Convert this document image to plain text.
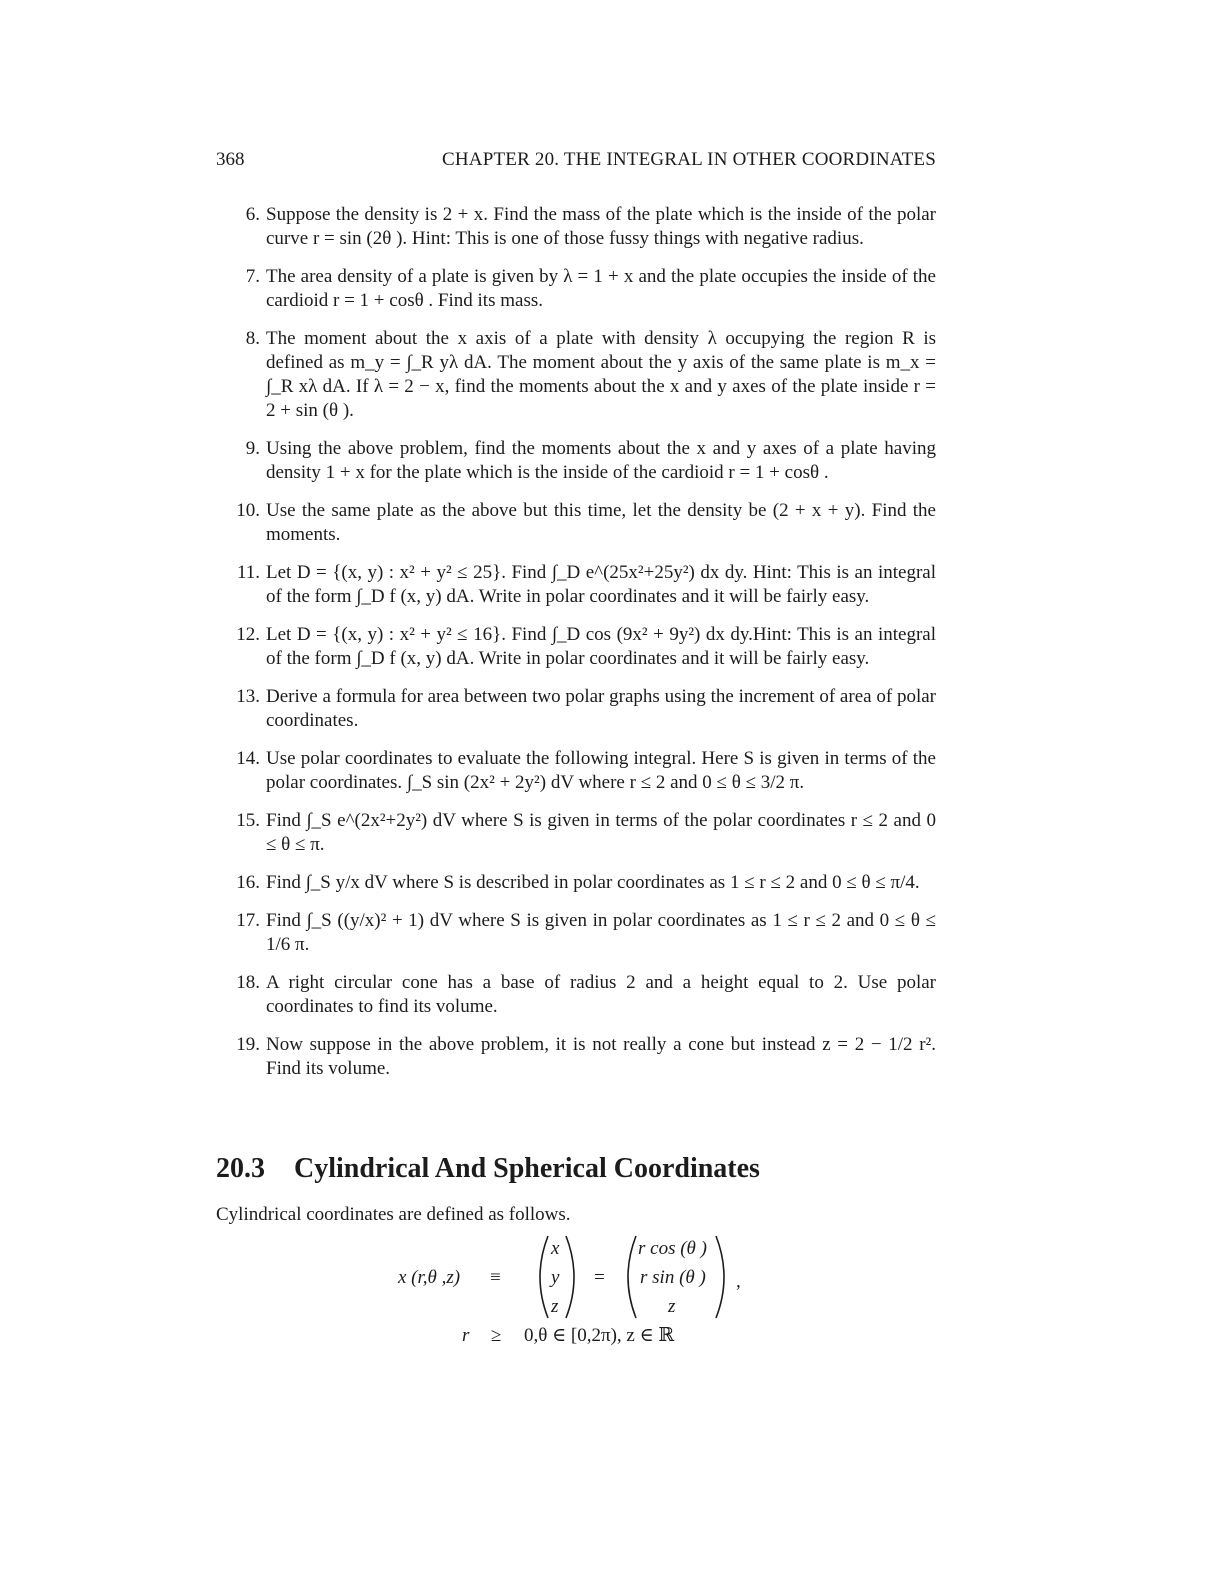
368	CHAPTER 20. THE INTEGRAL IN OTHER COORDINATES
6. Suppose the density is 2 + x. Find the mass of the plate which is the inside of the polar curve r = sin (2θ ). Hint: This is one of those fussy things with negative radius.
7. The area density of a plate is given by λ = 1 + x and the plate occupies the inside of the cardioid r = 1 + cosθ . Find its mass.
8. The moment about the x axis of a plate with density λ occupying the region R is defined as m_y = ∫_R yλ dA. The moment about the y axis of the same plate is m_x = ∫_R xλ dA. If λ = 2 − x, find the moments about the x and y axes of the plate inside r = 2 + sin (θ ).
9. Using the above problem, find the moments about the x and y axes of a plate having density 1 + x for the plate which is the inside of the cardioid r = 1 + cosθ .
10. Use the same plate as the above but this time, let the density be (2 + x + y). Find the moments.
11. Let D = {(x, y) : x² + y² ≤ 25}. Find ∫_D e^(25x²+25y²) dx dy. Hint: This is an integral of the form ∫_D f (x, y) dA. Write in polar coordinates and it will be fairly easy.
12. Let D = {(x, y) : x² + y² ≤ 16}. Find ∫_D cos (9x² + 9y²) dx dy.Hint: This is an integral of the form ∫_D f (x, y) dA. Write in polar coordinates and it will be fairly easy.
13. Derive a formula for area between two polar graphs using the increment of area of polar coordinates.
14. Use polar coordinates to evaluate the following integral. Here S is given in terms of the polar coordinates. ∫_S sin (2x² + 2y²) dV where r ≤ 2 and 0 ≤ θ ≤ 3/2 π.
15. Find ∫_S e^(2x²+2y²) dV where S is given in terms of the polar coordinates r ≤ 2 and 0 ≤ θ ≤ π.
16. Find ∫_S y/x dV where S is described in polar coordinates as 1 ≤ r ≤ 2 and 0 ≤ θ ≤ π/4.
17. Find ∫_S ((y/x)² + 1) dV where S is given in polar coordinates as 1 ≤ r ≤ 2 and 0 ≤ θ ≤ 1/6 π.
18. A right circular cone has a base of radius 2 and a height equal to 2. Use polar coordinates to find its volume.
19. Now suppose in the above problem, it is not really a cone but instead z = 2 − 1/2 r². Find its volume.
20.3 Cylindrical And Spherical Coordinates
Cylindrical coordinates are defined as follows.
x (r,θ ,z) ≡
x
y
z
=
r cos (θ )
r sin (θ )
z
,
r ≥ 0,θ ∈ [0,2π), z ∈ ℝ
